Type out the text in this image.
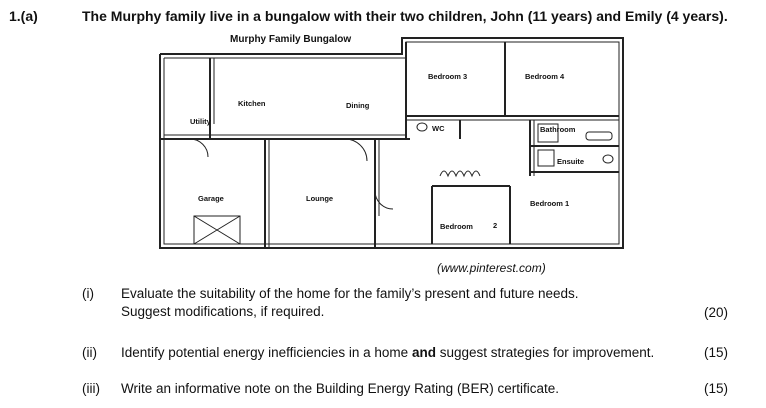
1.(a)	The Murphy family live in a bungalow with their two children, John (11 years) and Emily (4 years).
Murphy Family Bungalow
Bedroom 3	Bedroom 4
Kitchen	Dining
Utility
WC	Bathroom
Ensuite
Garage	Lounge
Bedroom 1
Bedroom	2
(www.pinterest.com)
(i) Evaluate the suitability of the home for the family’s present and future needs.
Suggest modifications, if required.	(20)
(ii) Identify potential energy inefficiencies in a home and suggest strategies for improvement.	(15)
(iii) Write an informative note on the Building Energy Rating (BER) certificate.	(15)
